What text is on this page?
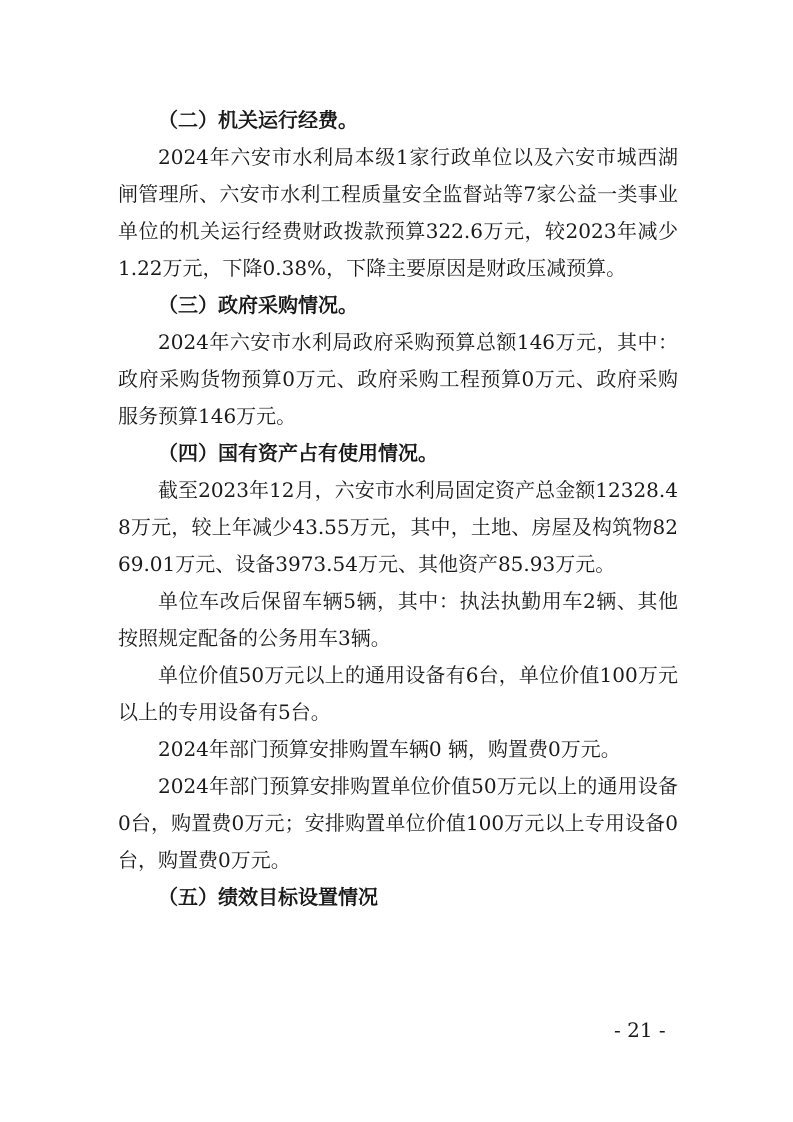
（二）机关运行经费。

2024年六安市水利局本级1家行政单位以及六安市城西湖闸管理所、六安市水利工程质量安全监督站等7家公益一类事业单位的机关运行经费财政拨款预算322.6万元，较2023年减少1.22万元，下降0.38%，下降主要原因是财政压减预算。

（三）政府采购情况。

2024年六安市水利局政府采购预算总额146万元，其中：政府采购货物预算0万元、政府采购工程预算0万元、政府采购服务预算146万元。

（四）国有资产占有使用情况。

截至2023年12月，六安市水利局固定资产总金额12328.48万元，较上年减少43.55万元，其中，土地、房屋及构筑物8269.01万元、设备3973.54万元、其他资产85.93万元。

单位车改后保留车辆5辆，其中：执法执勤用车2辆、其他按照规定配备的公务用车3辆。

单位价值50万元以上的通用设备有6台，单位价值100万元以上的专用设备有5台。

2024年部门预算安排购置车辆0 辆，购置费0万元。

2024年部门预算安排购置单位价值50万元以上的通用设备0台，购置费0万元；安排购置单位价值100万元以上专用设备0台，购置费0万元。

（五）绩效目标设置情况

- 21 -
